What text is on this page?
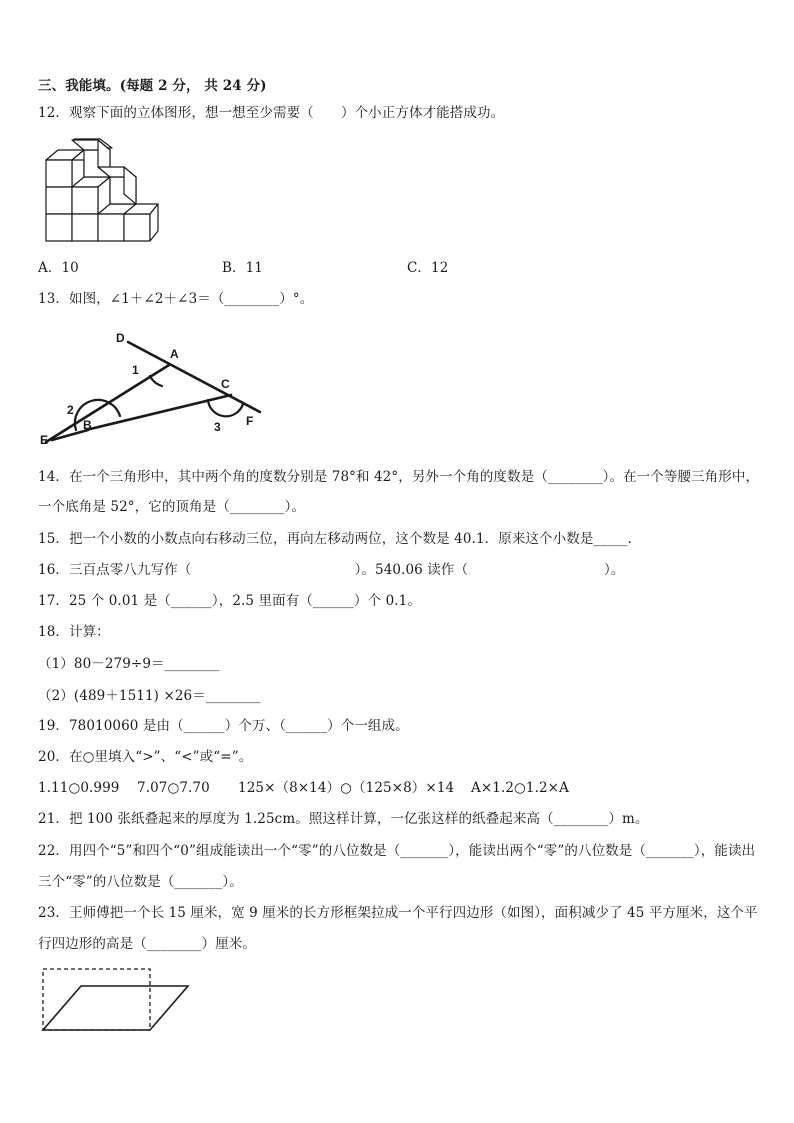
三、我能填。(每题 2 分， 共 24 分)
12．观察下面的立体图形，想一想至少需要（　　）个小正方体才能搭成功。
A．10	B．11	C．12
13．如图，∠1＋∠2＋∠3＝（________）°。
D
A
C
E
B	F
1
2
3
14．在一个三角形中，其中两个角的度数分别是 78°和 42°，另外一个角的度数是（________）。在一个等腰三角形中，
一个底角是 52°，它的顶角是（________）。
15．把一个小数的小数点向右移动三位，再向左移动两位，这个数是 40.1．原来这个小数是_____．
16．三百点零八九写作（　　　　　　　　　　　　）。540.06 读作（　　　　　　　　　　）。
17．25 个 0.01 是（______），2.5 里面有（______）个 0.1。
18．计算：
（1）80－279÷9＝________
（2）(489＋1511) ×26＝________
19．78010060 是由（______）个万、（______）个一组成。
20．在○里填入“>”、“<”或“=”。
1.11○0.999 7.07○7.70 125×（8×14）○（125×8）×14 A×1.2○1.2×A
21．把 100 张纸叠起来的厚度为 1.25cm。照这样计算，一亿张这样的纸叠起来高（________）m。
22．用四个“5”和四个“0”组成能读出一个“零”的八位数是（_______），能读出两个“零”的八位数是（_______），能读出
三个“零”的八位数是（_______）。
23．王师傅把一个长 15 厘米，宽 9 厘米的长方形框架拉成一个平行四边形（如图），面积减少了 45 平方厘米，这个平
行四边形的高是（________）厘米。
